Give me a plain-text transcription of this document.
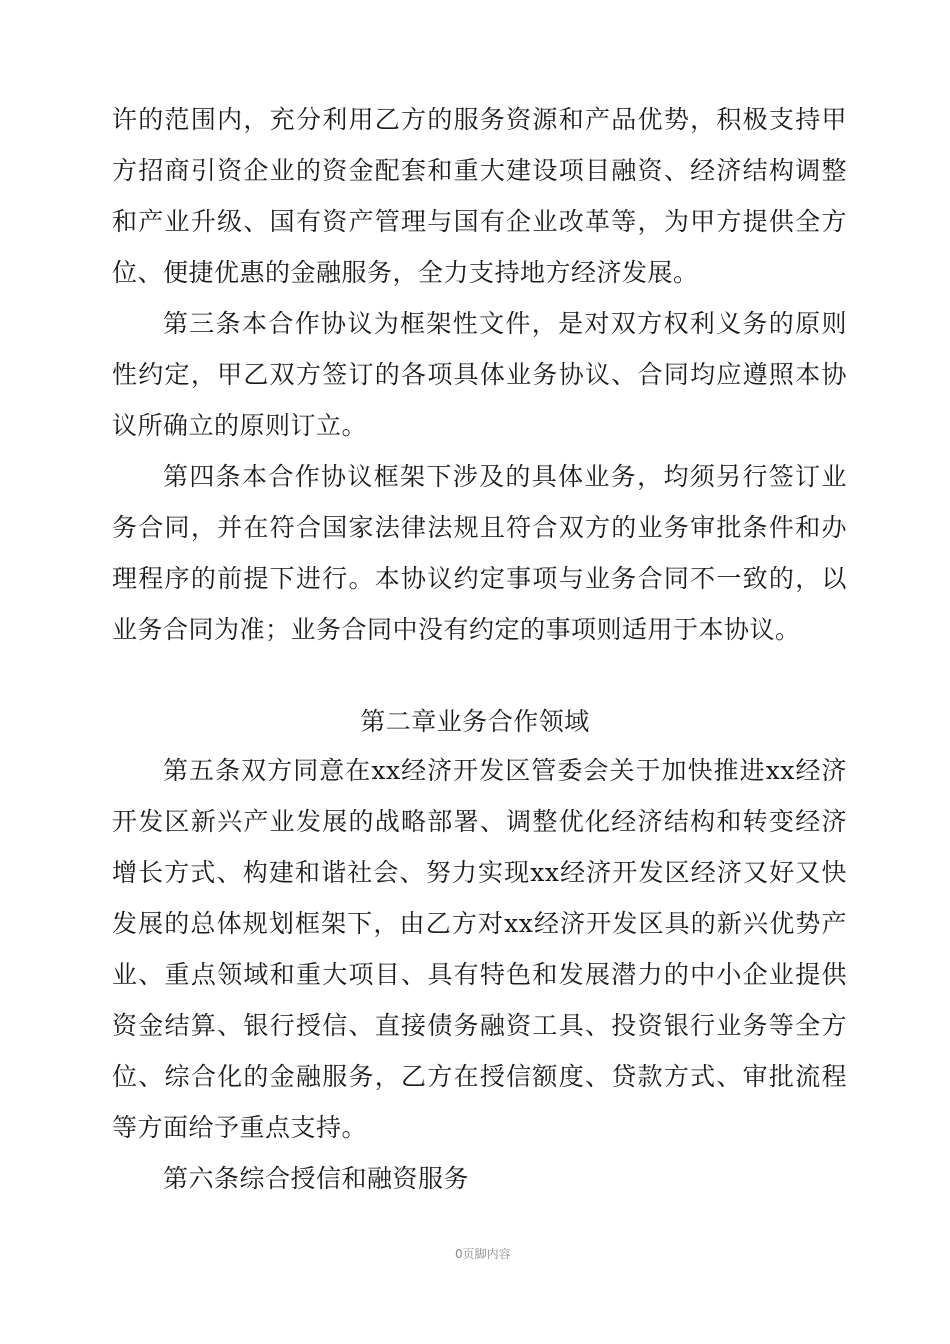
许的范围内，充分利用乙方的服务资源和产品优势，积极支持甲
方招商引资企业的资金配套和重大建设项目融资、经济结构调整
和产业升级、国有资产管理与国有企业改革等，为甲方提供全方
位、便捷优惠的金融服务，全力支持地方经济发展。
第三条本合作协议为框架性文件，是对双方权利义务的原则
性约定，甲乙双方签订的各项具体业务协议、合同均应遵照本协
议所确立的原则订立。
第四条本合作协议框架下涉及的具体业务，均须另行签订业
务合同，并在符合国家法律法规且符合双方的业务审批条件和办
理程序的前提下进行。本协议约定事项与业务合同不一致的，以
业务合同为准；业务合同中没有约定的事项则适用于本协议。
第二章业务合作领域
第五条双方同意在xx经济开发区管委会关于加快推进xx经济
开发区新兴产业发展的战略部署、调整优化经济结构和转变经济
增长方式、构建和谐社会、努力实现xx经济开发区经济又好又快
发展的总体规划框架下，由乙方对xx经济开发区具的新兴优势产
业、重点领域和重大项目、具有特色和发展潜力的中小企业提供
资金结算、银行授信、直接债务融资工具、投资银行业务等全方
位、综合化的金融服务，乙方在授信额度、贷款方式、审批流程
等方面给予重点支持。
第六条综合授信和融资服务
0页脚内容
